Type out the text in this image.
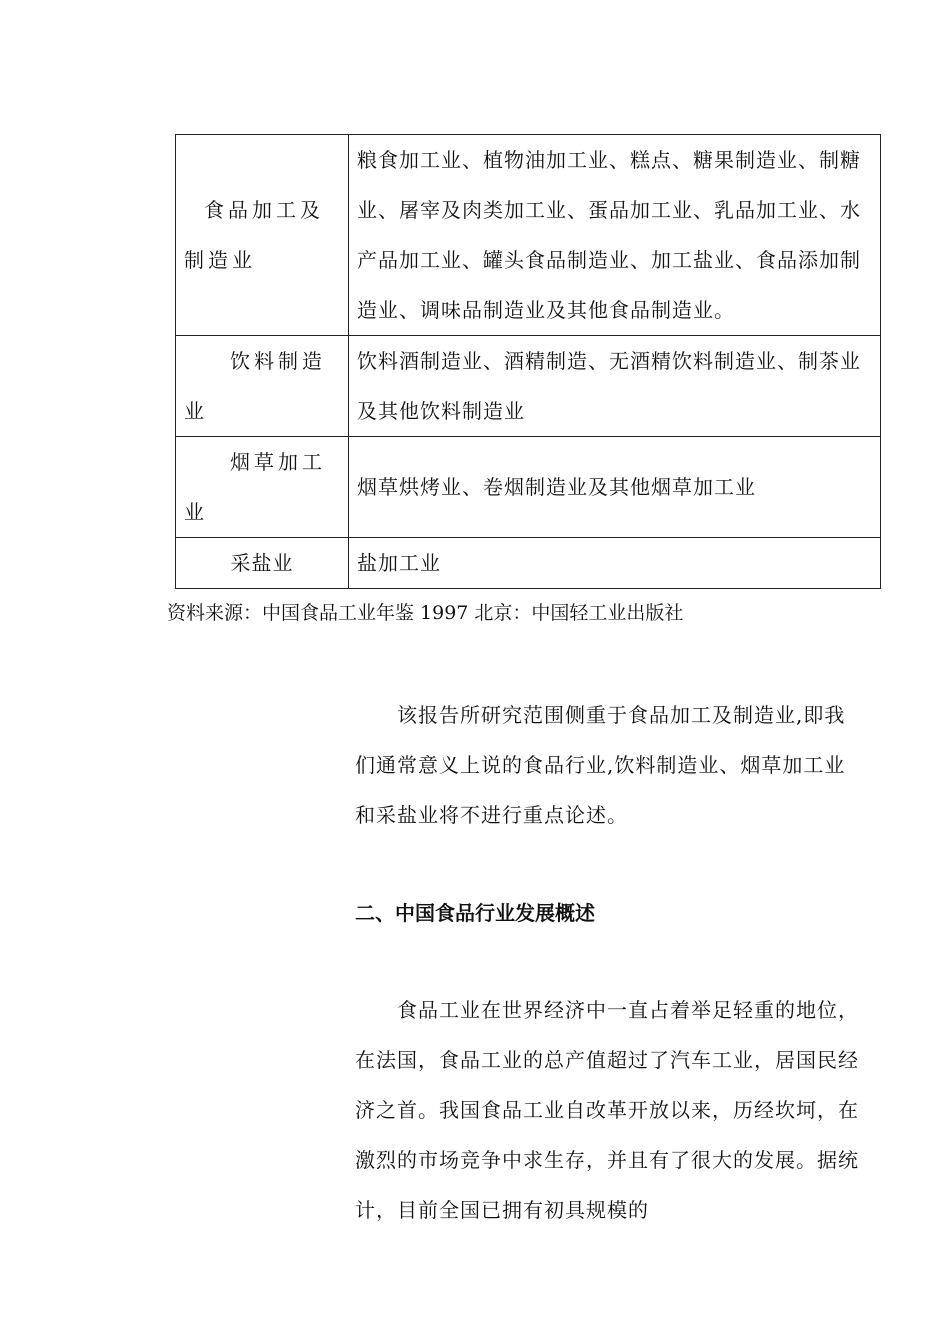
食品加工及制造业	粮食加工业、植物油加工业、糕点、糖果制造业、制糖业、屠宰及肉类加工业、蛋品加工业、乳品加工业、水产品加工业、罐头食品制造业、加工盐业、食品添加制造业、调味品制造业及其他食品制造业。
饮料制造业	饮料酒制造业、酒精制造、无酒精饮料制造业、制茶业及其他饮料制造业
烟草加工业	烟草烘烤业、卷烟制造业及其他烟草加工业
采盐业	盐加工业
资料来源：中国食品工业年鉴 1997 北京：中国轻工业出版社

该报告所研究范围侧重于食品加工及制造业,即我们通常意义上说的食品行业,饮料制造业、烟草加工业和采盐业将不进行重点论述。

二、中国食品行业发展概述

食品工业在世界经济中一直占着举足轻重的地位，在法国，食品工业的总产值超过了汽车工业，居国民经济之首。我国食品工业自改革开放以来，历经坎坷，在激烈的市场竞争中求生存，并且有了很大的发展。据统计，目前全国已拥有初具规模的
